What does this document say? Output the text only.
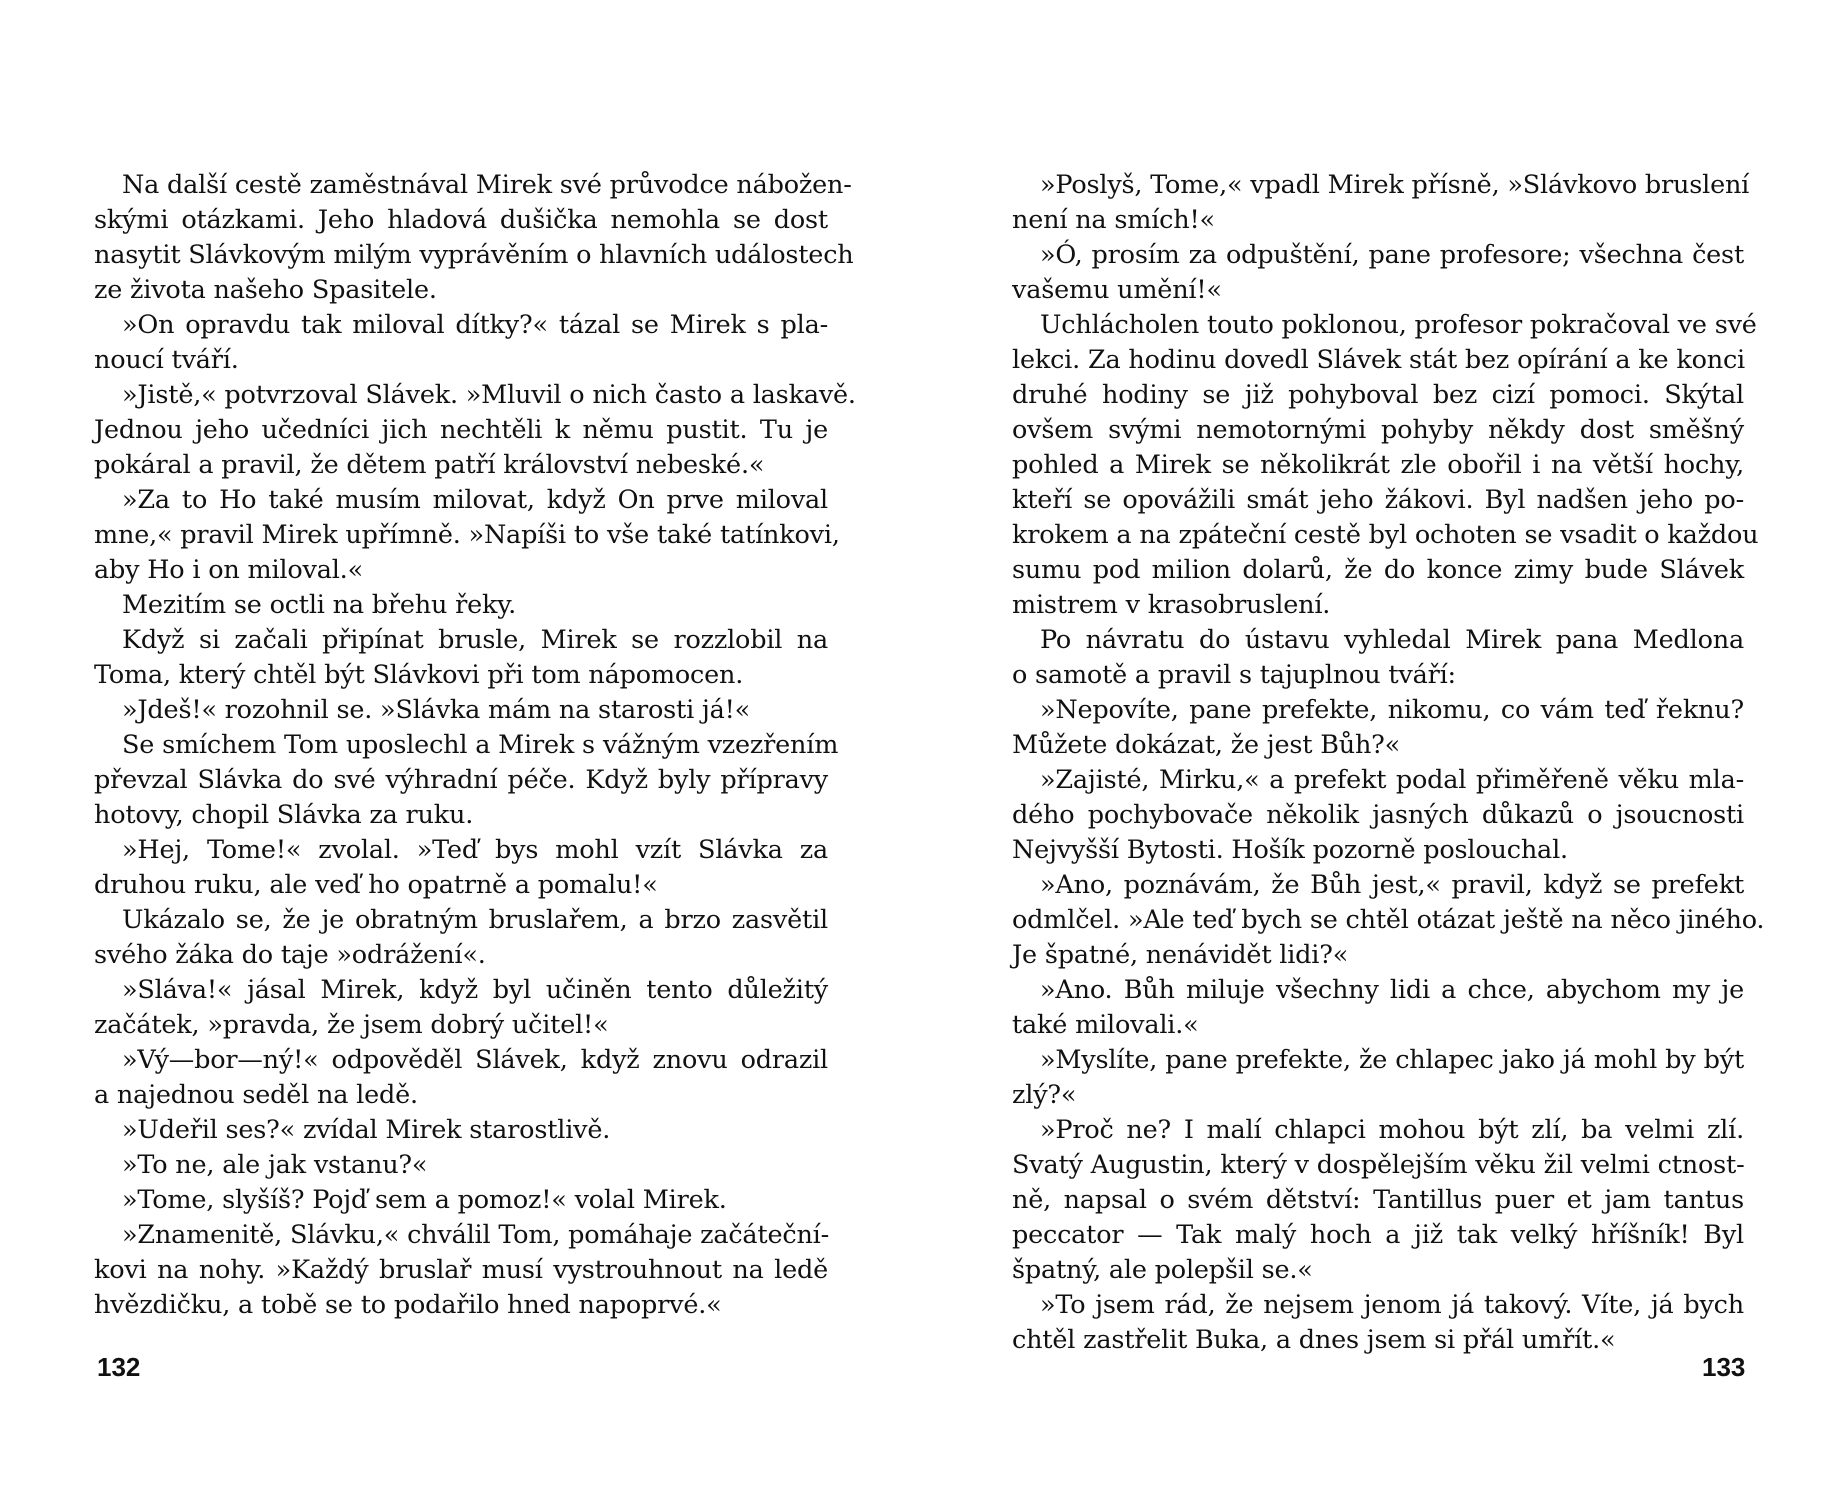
Na další cestě zaměstnával Mirek své průvodce nábožen-
skými otázkami. Jeho hladová dušička nemohla se dost
nasytit Slávkovým milým vyprávěním o hlavních událostech
ze života našeho Spasitele.
»On opravdu tak miloval dítky?« tázal se Mirek s pla-
noucí tváří.
»Jistě,« potvrzoval Slávek. »Mluvil o nich často a laskavě.
Jednou jeho učedníci jich nechtěli k němu pustit. Tu je
pokáral a pravil, že dětem patří království nebeské.«
»Za to Ho také musím milovat, když On prve miloval
mne,« pravil Mirek upřímně. »Napíši to vše také tatínkovi,
aby Ho i on miloval.«
Mezitím se octli na břehu řeky.
Když si začali připínat brusle, Mirek se rozzlobil na
Toma, který chtěl být Slávkovi při tom nápomocen.
»Jdeš!« rozohnil se. »Slávka mám na starosti já!«
Se smíchem Tom uposlechl a Mirek s vážným vzezřením
převzal Slávka do své výhradní péče. Když byly přípravy
hotovy, chopil Slávka za ruku.
»Hej, Tome!« zvolal. »Teď bys mohl vzít Slávka za
druhou ruku, ale veď ho opatrně a pomalu!«
Ukázalo se, že je obratným bruslařem, a brzo zasvětil
svého žáka do taje »odrážení«.
»Sláva!« jásal Mirek, když byl učiněn tento důležitý
začátek, »pravda, že jsem dobrý učitel!«
»Vý—bor—ný!« odpověděl Slávek, když znovu odrazil
a najednou seděl na ledě.
»Udeřil ses?« zvídal Mirek starostlivě.
»To ne, ale jak vstanu?«
»Tome, slyšíš? Pojď sem a pomoz!« volal Mirek.
»Znamenitě, Slávku,« chválil Tom, pomáhaje začáteční-
kovi na nohy. »Každý bruslař musí vystrouhnout na ledě
hvězdičku, a tobě se to podařilo hned napoprvé.«
»Poslyš, Tome,« vpadl Mirek přísně, »Slávkovo bruslení
není na smích!«
»Ó, prosím za odpuštění, pane profesore; všechna čest
vašemu umění!«
Uchlácholen touto poklonou, profesor pokračoval ve své
lekci. Za hodinu dovedl Slávek stát bez opírání a ke konci
druhé hodiny se již pohyboval bez cizí pomoci. Skýtal
ovšem svými nemotornými pohyby někdy dost směšný
pohled a Mirek se několikrát zle obořil i na větší hochy,
kteří se opovážili smát jeho žákovi. Byl nadšen jeho po-
krokem a na zpáteční cestě byl ochoten se vsadit o každou
sumu pod milion dolarů, že do konce zimy bude Slávek
mistrem v krasobruslení.
Po návratu do ústavu vyhledal Mirek pana Medlona
o samotě a pravil s tajuplnou tváří:
»Nepovíte, pane prefekte, nikomu, co vám teď řeknu?
Můžete dokázat, že jest Bůh?«
»Zajisté, Mirku,« a prefekt podal přiměřeně věku mla-
dého pochybovače několik jasných důkazů o jsoucnosti
Nejvyšší Bytosti. Hošík pozorně poslouchal.
»Ano, poznávám, že Bůh jest,« pravil, když se prefekt
odmlčel. »Ale teď bych se chtěl otázat ještě na něco jiného.
Je špatné, nenávidět lidi?«
»Ano. Bůh miluje všechny lidi a chce, abychom my je
také milovali.«
»Myslíte, pane prefekte, že chlapec jako já mohl by být
zlý?«
»Proč ne? I malí chlapci mohou být zlí, ba velmi zlí.
Svatý Augustin, který v dospělejším věku žil velmi ctnost-
ně, napsal o svém dětství: Tantillus puer et jam tantus
peccator — Tak malý hoch a již tak velký hříšník! Byl
špatný, ale polepšil se.«
»To jsem rád, že nejsem jenom já takový. Víte, já bych
chtěl zastřelit Buka, a dnes jsem si přál umřít.«
132	133
